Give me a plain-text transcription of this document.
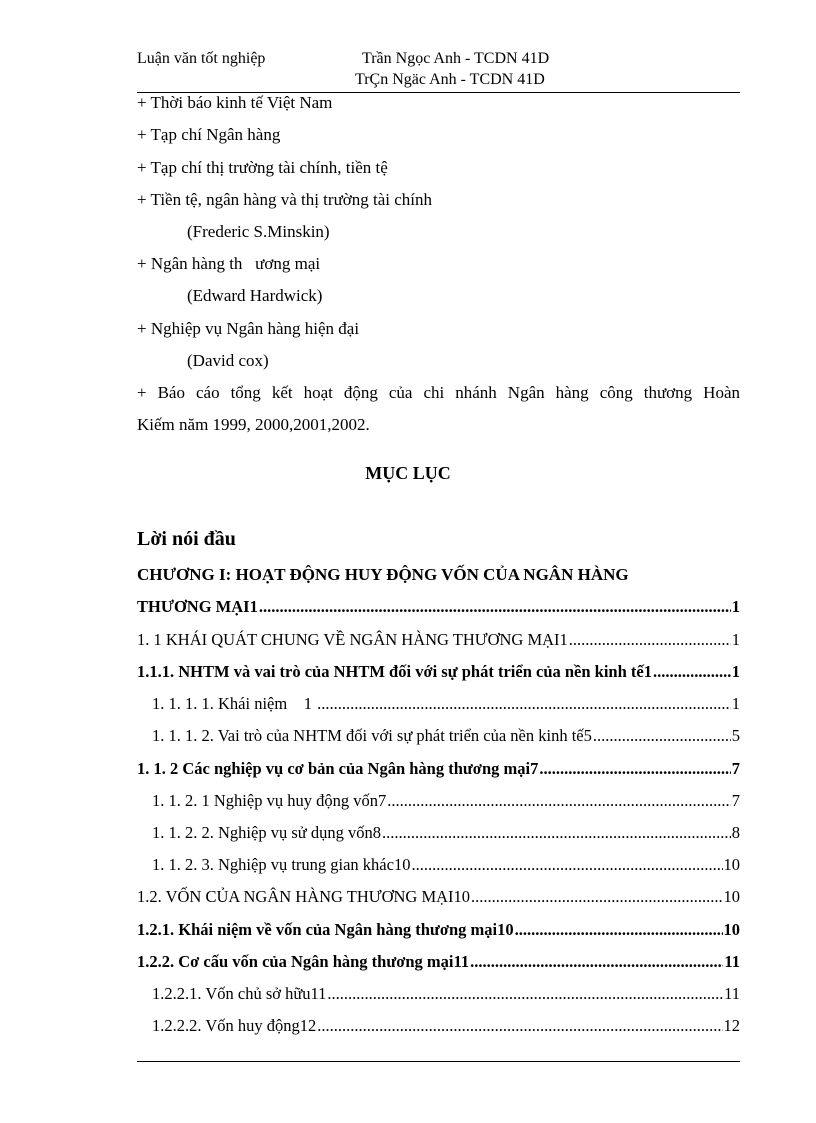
Luận văn tốt nghiệp	Trần Ngọc Anh - TCDN 41D
TrÇn Ngäc Anh - TCDN 41D
+ Thời báo kinh tế Việt Nam
+ Tạp chí Ngân hàng
+ Tạp chí thị trường tài chính, tiền tệ
+ Tiền tệ, ngân hàng và thị trường tài chính
(Frederic S.Minskin)
+ Ngân hàng th   ương mại
(Edward Hardwick)
+ Nghiệp vụ Ngân hàng hiện đại
(David cox)
+ Báo cáo tổng kết hoạt động của chi nhánh Ngân hàng công thương Hoàn
Kiếm năm 1999, 2000,2001,2002.
MỤC LỤC
Lời nói đầu
CHƯƠNG I: HOẠT ĐỘNG HUY ĐỘNG VỐN CỦA NGÂN HÀNG
THƯƠNG MẠI1 .....	1
1. 1 KHÁI QUÁT CHUNG VỀ NGÂN HÀNG THƯƠNG MẠI1 .....	1
1.1.1. NHTM và vai trò của NHTM đối với sự phát triển của nền kinh tế1 .....	1
1. 1. 1. 1. Khái niệm    1 .....	1
1. 1. 1. 2. Vai trò của NHTM đối với sự phát triển của nền kinh tế5 .....	5
1. 1. 2 Các nghiệp vụ cơ bản của Ngân hàng thương mại7 .....	7
1. 1. 2. 1 Nghiệp vụ huy động vốn7 .....	7
1. 1. 2. 2. Nghiệp vụ sử dụng vốn8 .....	8
1. 1. 2. 3. Nghiệp vụ trung gian khác10 .....	10
1.2. VỐN CỦA NGÂN HÀNG THƯƠNG MẠI10 .....	10
1.2.1. Khái niệm về vốn của Ngân hàng thương mại10 .....	10
1.2.2. Cơ cấu vốn của Ngân hàng thương mại11 .....	11
1.2.2.1. Vốn chủ sở hữu11 .....	11
1.2.2.2. Vốn huy động12 .....	12
